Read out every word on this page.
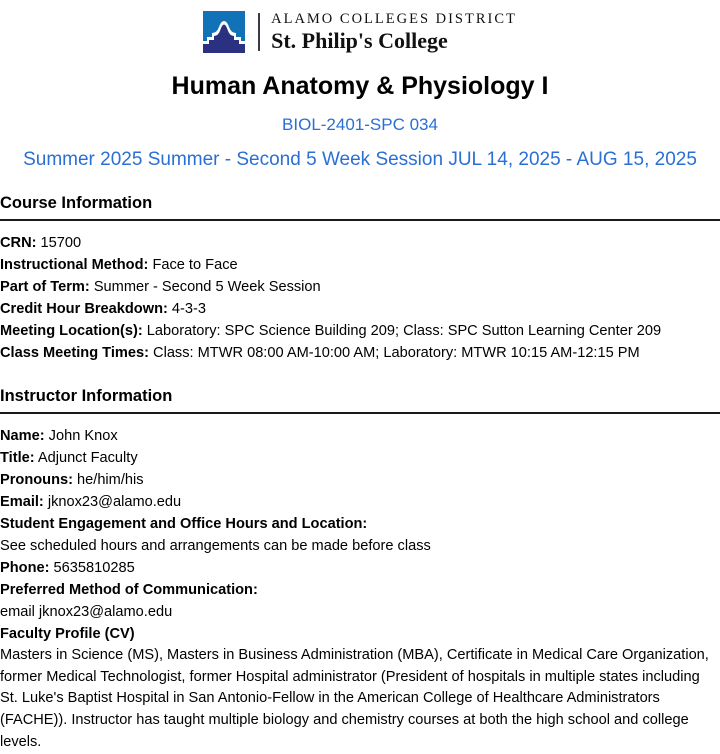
ALAMO COLLEGES DISTRICT
St. Philip's College
Human Anatomy & Physiology I
BIOL-2401-SPC 034
Summer 2025 Summer - Second 5 Week Session JUL 14, 2025 - AUG 15, 2025
Course Information

CRN: 15700

Instructional Method: Face to Face

Part of Term: Summer - Second 5 Week Session

Credit Hour Breakdown: 4-3-3

Meeting Location(s): Laboratory: SPC Science Building 209; Class: SPC Sutton Learning Center 209

Class Meeting Times: Class: MTWR 08:00 AM-10:00 AM; Laboratory: MTWR 10:15 AM-12:15 PM

Instructor Information

Name: John Knox

Title: Adjunct Faculty

Pronouns: he/him/his

Email: jknox23@alamo.edu

Student Engagement and Office Hours and Location:

See scheduled hours and arrangements can be made before class

Phone: 5635810285

Preferred Method of Communication:

email jknox23@alamo.edu

Faculty Profile (CV)

Masters in Science (MS), Masters in Business Administration (MBA), Certificate in Medical Care Organization, former Medical Technologist, former Hospital administrator (President of hospitals in multiple states including St. Luke's Baptist Hospital in San Antonio-Fellow in the American College of Healthcare Administrators (FACHE)). Instructor has taught multiple biology and chemistry courses at both the high school and college levels.
